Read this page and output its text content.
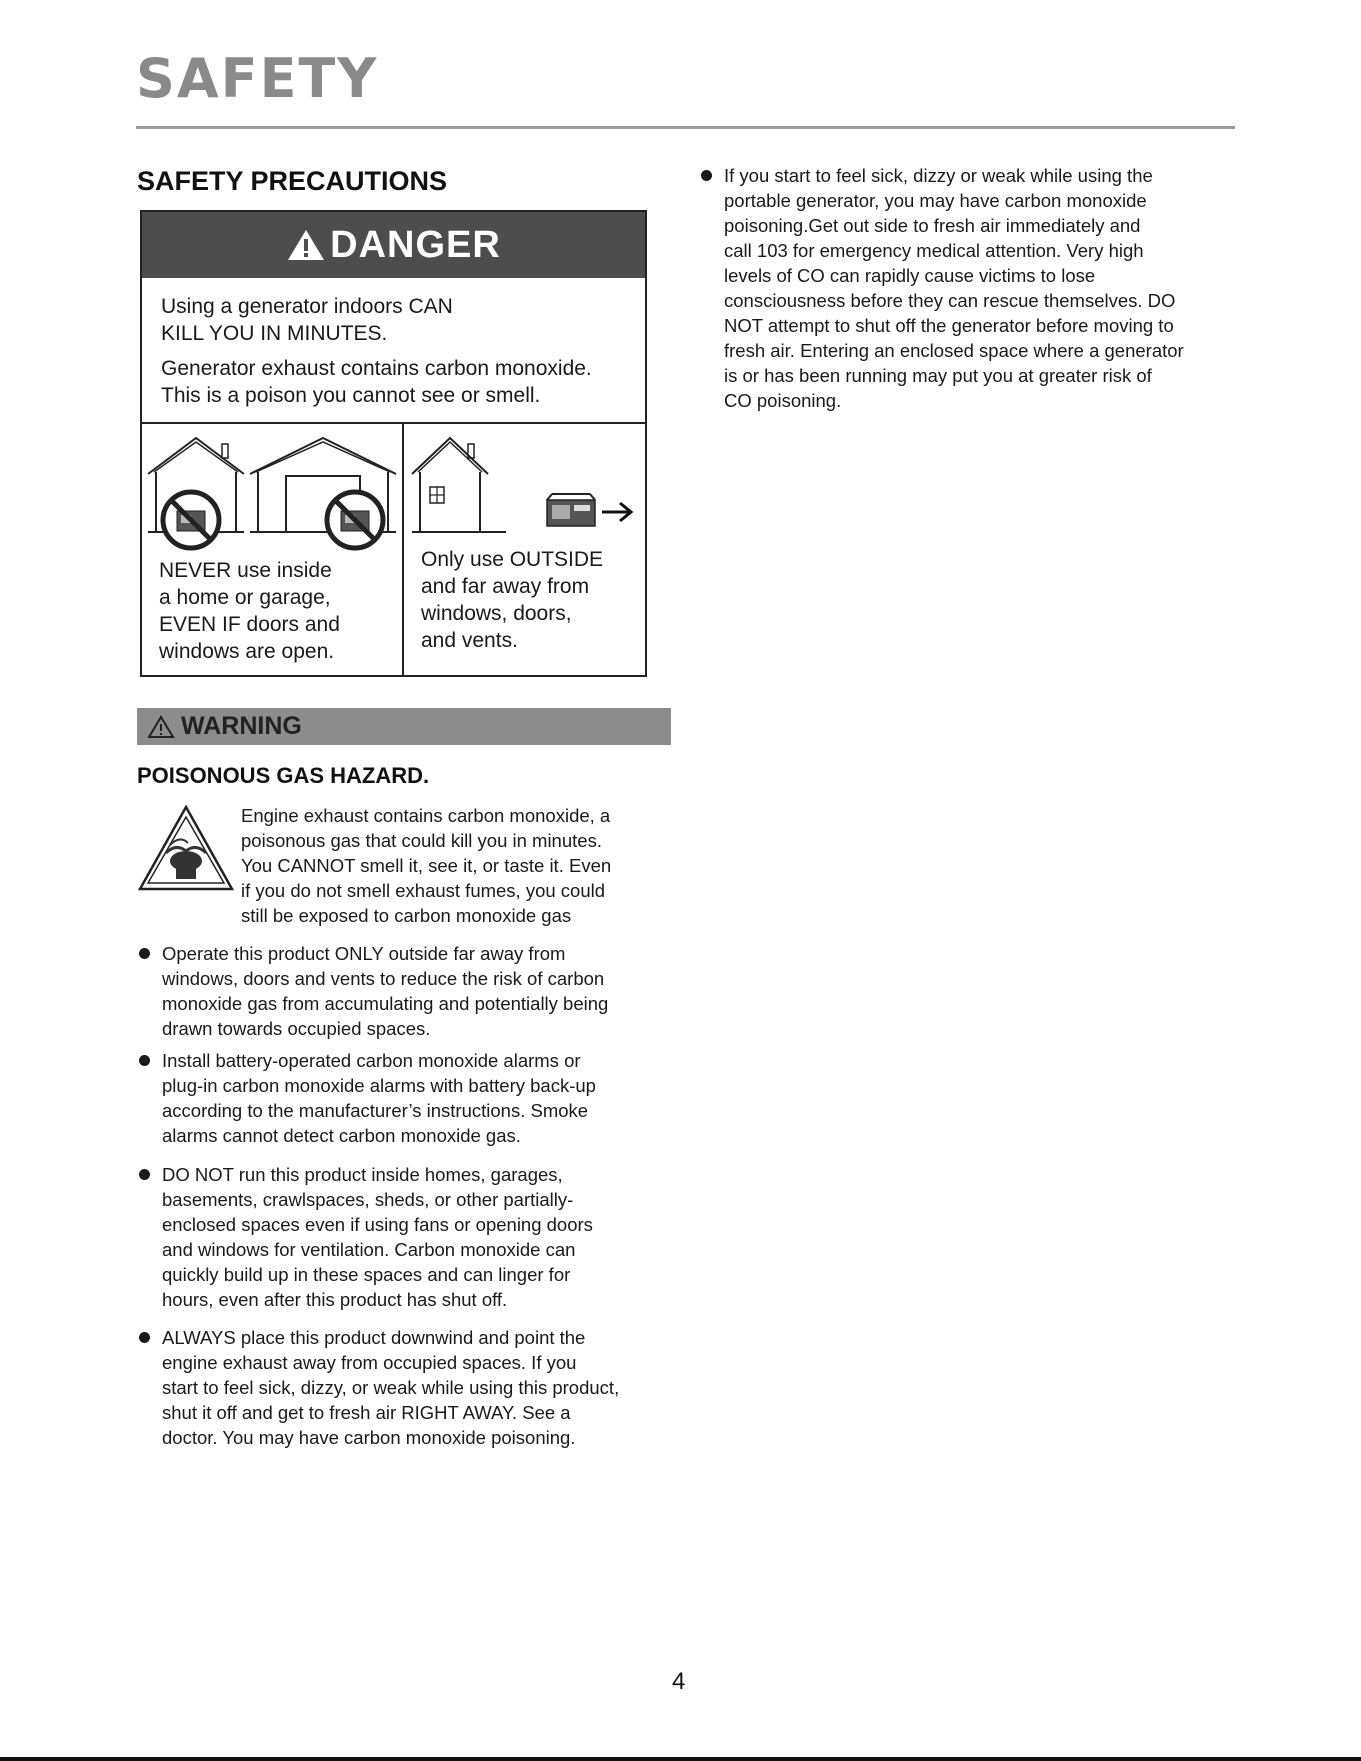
SAFETY
SAFETY PRECAUTIONS
DANGER
Using a generator indoors CAN
KILL YOU IN MINUTES.
Generator exhaust contains carbon monoxide.
This is a poison you cannot see or smell.
NEVER use inside
a home or garage,
EVEN IF doors and
windows are open.
Only use OUTSIDE
and far away from
windows, doors,
and vents.
WARNING
POISONOUS GAS HAZARD.
Engine exhaust contains carbon monoxide, a
poisonous gas that could kill you in minutes.
You CANNOT smell it, see it, or taste it. Even
if you do not smell exhaust fumes, you could
still be exposed to carbon monoxide gas
Operate this product ONLY outside far away from
windows, doors and vents to reduce the risk of carbon
monoxide gas from accumulating and potentially being
drawn towards occupied spaces.
Install battery-operated carbon monoxide alarms or
plug-in carbon monoxide alarms with battery back-up
according to the manufacturer’s instructions. Smoke
alarms cannot detect carbon monoxide gas.
DO NOT run this product inside homes, garages,
basements, crawlspaces, sheds, or other partially-
enclosed spaces even if using fans or opening doors
and windows for ventilation. Carbon monoxide can
quickly build up in these spaces and can linger for
hours, even after this product has shut off.
ALWAYS place this product downwind and point the
engine exhaust away from occupied spaces. If you
start to feel sick, dizzy, or weak while using this product,
shut it off and get to fresh air RIGHT AWAY. See a
doctor. You may have carbon monoxide poisoning.
If you start to feel sick, dizzy or weak while using the
portable generator, you may have carbon monoxide
poisoning.Get out side to fresh air immediately and
call 103 for emergency medical attention. Very high
levels of CO can rapidly cause victims to lose
consciousness before they can rescue themselves. DO
NOT attempt to shut off the generator before moving to
fresh air. Entering an enclosed space where a generator
is or has been running may put you at greater risk of
CO poisoning.
4
